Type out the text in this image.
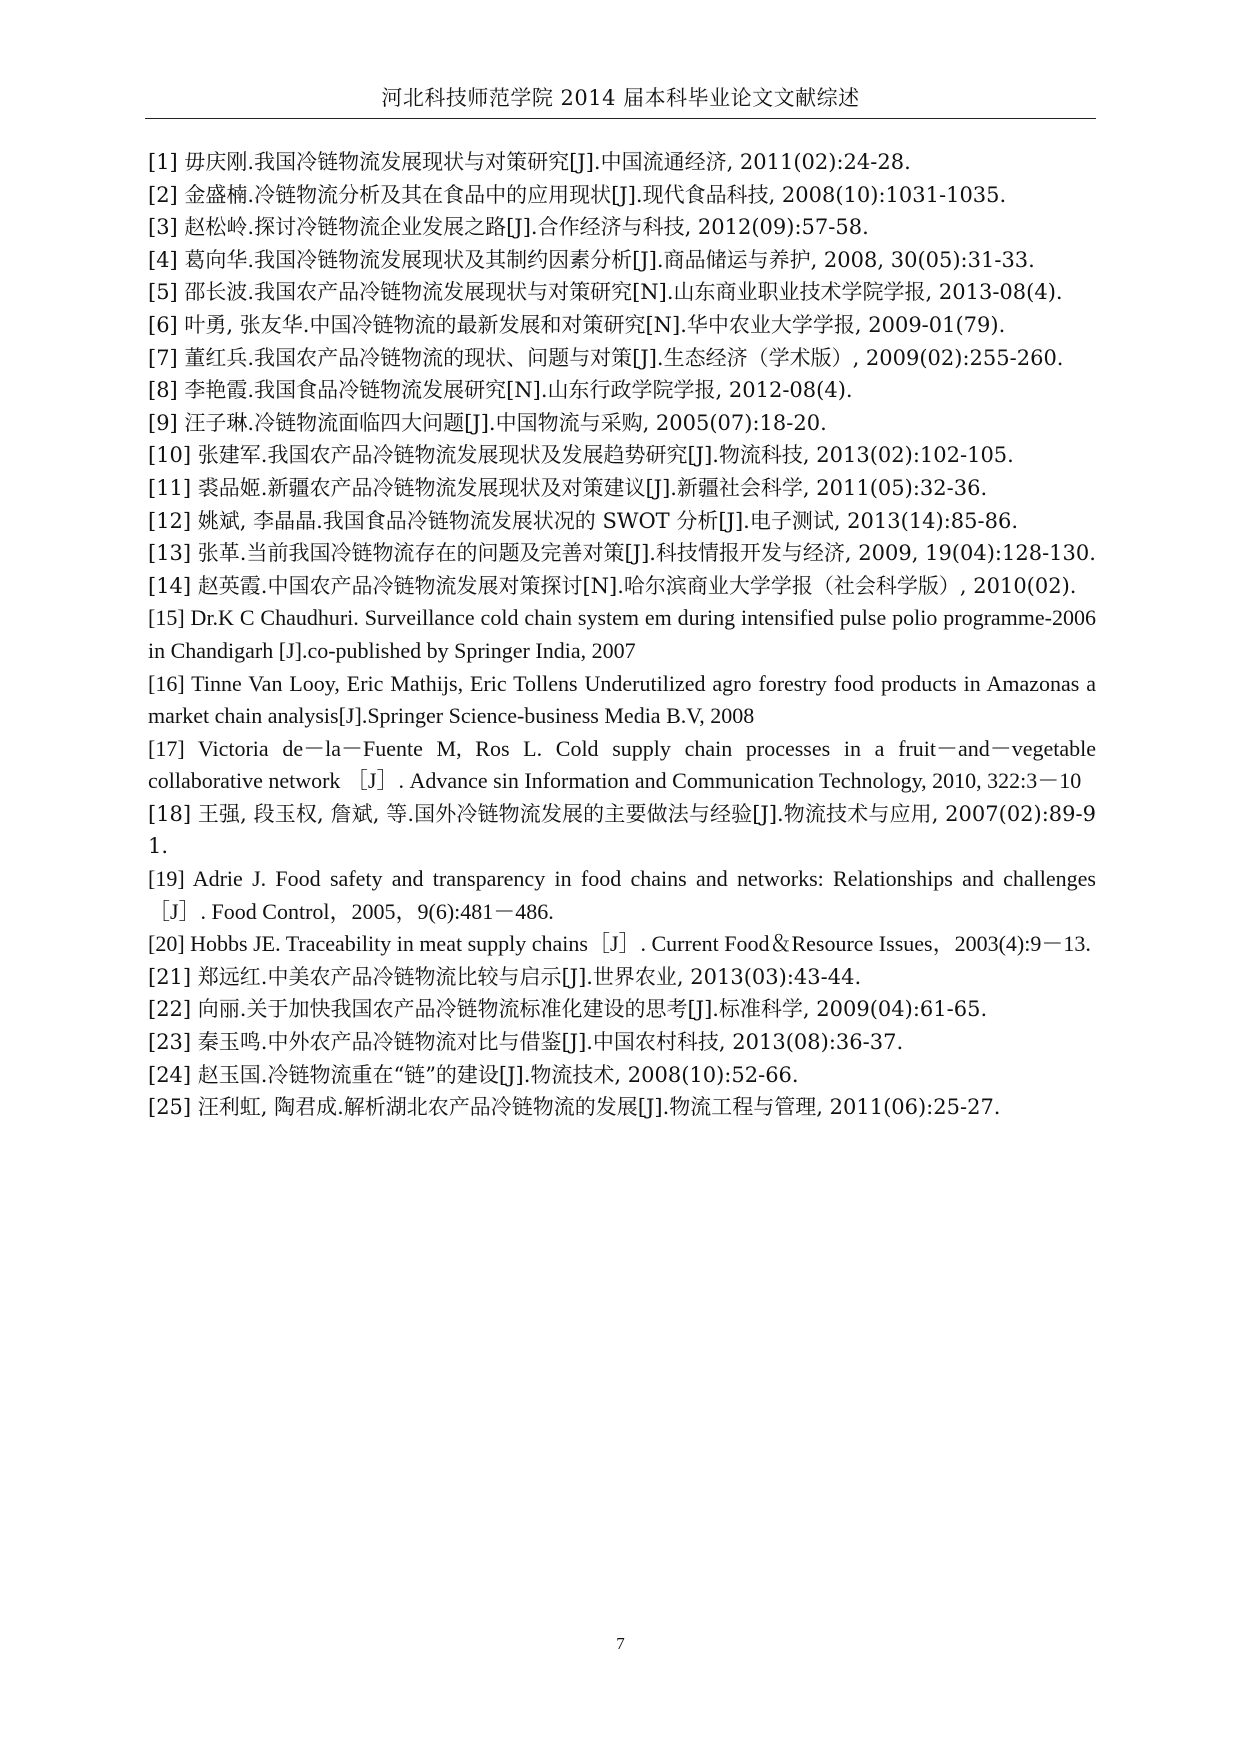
河北科技师范学院 2014 届本科毕业论文文献综述
[1] 毋庆刚.我国冷链物流发展现状与对策研究[J].中国流通经济, 2011(02):24-28.
[2] 金盛楠.冷链物流分析及其在食品中的应用现状[J].现代食品科技, 2008(10):1031-1035.
[3] 赵松岭.探讨冷链物流企业发展之路[J].合作经济与科技, 2012(09):57-58.
[4] 葛向华.我国冷链物流发展现状及其制约因素分析[J].商品储运与养护, 2008, 30(05):31-33.
[5] 邵长波.我国农产品冷链物流发展现状与对策研究[N].山东商业职业技术学院学报, 2013-08(4).
[6] 叶勇, 张友华.中国冷链物流的最新发展和对策研究[N].华中农业大学学报, 2009-01(79).
[7] 董红兵.我国农产品冷链物流的现状、问题与对策[J].生态经济（学术版）, 2009(02):255-260.
[8] 李艳霞.我国食品冷链物流发展研究[N].山东行政学院学报, 2012-08(4).
[9] 汪子琳.冷链物流面临四大问题[J].中国物流与采购, 2005(07):18-20.
[10] 张建军.我国农产品冷链物流发展现状及发展趋势研究[J].物流科技, 2013(02):102-105.
[11] 裘品姬.新疆农产品冷链物流发展现状及对策建议[J].新疆社会科学, 2011(05):32-36.
[12] 姚斌, 李晶晶.我国食品冷链物流发展状况的 SWOT 分析[J].电子测试, 2013(14):85-86.
[13] 张革.当前我国冷链物流存在的问题及完善对策[J].科技情报开发与经济, 2009, 19(04):128-130.
[14] 赵英霞.中国农产品冷链物流发展对策探讨[N].哈尔滨商业大学学报（社会科学版）, 2010(02).
[15] Dr.K C Chaudhuri. Surveillance cold chain system em during intensified pulse polio programme-2006 in Chandigarh [J].co-published by Springer India, 2007
[16] Tinne Van Looy, Eric Mathijs, Eric Tollens Underutilized agro forestry food products in Amazonas a market chain analysis[J].Springer Science-business Media B.V, 2008
[17] Victoria de－la－Fuente M, Ros L. Cold supply chain processes in a fruit－and－vegetable collaborative network ［J］. Advance sin Information and Communication Technology, 2010, 322:3－10
[18] 王强, 段玉权, 詹斌, 等.国外冷链物流发展的主要做法与经验[J].物流技术与应用, 2007(02):89-91.
[19] Adrie J. Food safety and transparency in food chains and networks: Relationships and challenges［J］. Food Control，2005，9(6):481－486.
[20] Hobbs JE. Traceability in meat supply chains［J］. Current Food＆Resource Issues，2003(4):9－13.
[21] 郑远红.中美农产品冷链物流比较与启示[J].世界农业, 2013(03):43-44.
[22] 向丽.关于加快我国农产品冷链物流标准化建设的思考[J].标准科学, 2009(04):61-65.
[23] 秦玉鸣.中外农产品冷链物流对比与借鉴[J].中国农村科技, 2013(08):36-37.
[24] 赵玉国.冷链物流重在“链”的建设[J].物流技术, 2008(10):52-66.
[25] 汪利虹, 陶君成.解析湖北农产品冷链物流的发展[J].物流工程与管理, 2011(06):25-27.
7
